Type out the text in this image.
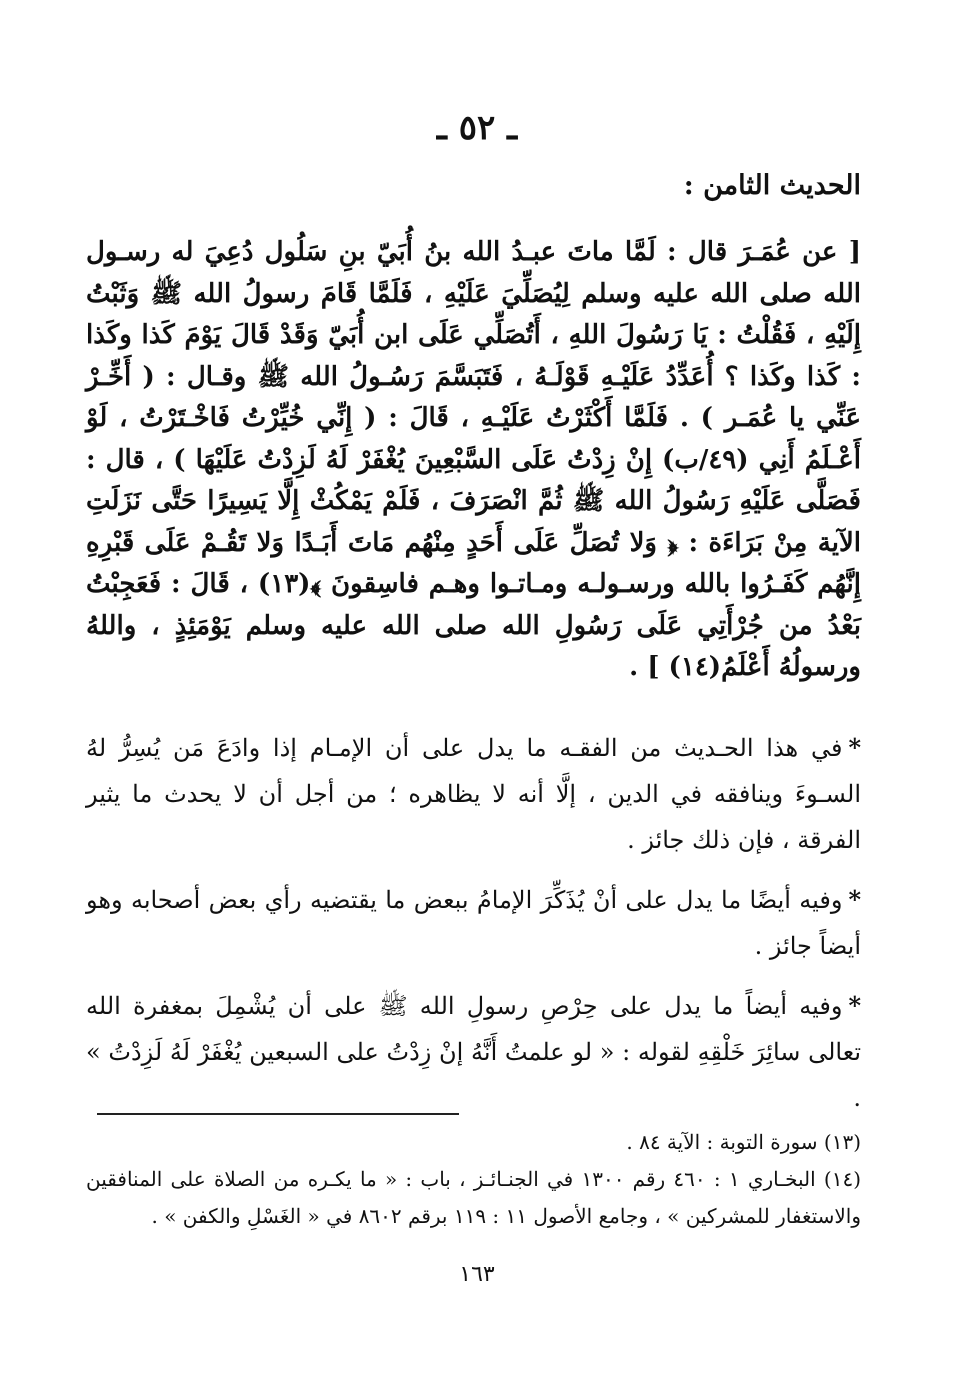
ـ ٥٢ ـ
الحديث الثامن :
[ عن عُمَـرَ قال : لَمَّا ماتَ عبـدُ الله بنُ أُبَيّ بنِ سَلُول دُعِيَ له رسـول الله صلى الله عليه وسلم لِيُصَلِّيَ عَلَيْهِ ، فَلَمَّا قَامَ رسولُ الله ﷺ وَثَبْتُ إِلَيْهِ ، فَقُلْتُ : يَا رَسُولَ اللهِ ، أَتُصَلِّي عَلَى ابن أُبَيّ وَقَدْ قَالَ يَوْمَ كَذا وكَذا : كَذا وكَذا ؟ أُعَدِّدُ عَلَيْـهِ قَوْلَـهُ ، فَتَبَسَّمَ رَسُـولُ الله ﷺ وقـال : ( أَخِّـرْ عَنِّي يا عُمَـر ) . فَلَمَّا أَكْثَرْتُ عَلَيْـهِ ، قَالَ : ( إِنِّي خُيِّرْتُ فَاخْـتَرْتُ ، لَوْ أَعْـلَمُ أَنِي (٤٩/ب) إِنْ زِدْتُ عَلَى السَّبْعِينَ يُغْفَرْ لَهُ لَزِدْتُ عَلَيْهَا ) ، قال : فَصَلَّى عَلَيْهِ رَسُولُ الله ﷺ ثُمَّ انْصَرَفَ ، فَلَمْ يَمْكُثْ إِلَّا يَسِيرًا حَتَّى نَزَلَتِ الآية مِنْ بَرَاءَة : ﴿ وَلا تُصَلِّ عَلَى أَحَدٍ مِنْهُم مَاتَ أَبَـدًا وَلا تَقُـمْ عَلَى قَبْرِهِ إِنَّهُم كَفَـرُوا بالله ورسـولـه ومـاتـوا وهـم فاسِقونَ ﴾(١٣) ، قَالَ : فَعَجِبْتُ بَعْدُ من جُرْأَتِي عَلَى رَسُولِ الله صلى الله عليه وسلم يَوْمَئِذٍ ، واللهُ ورسولُهُ أَعْلَمُ(١٤) ] .

*في هذا الحـديث من الفقـه ما يدل على أن الإمـام إذا وادَعَ مَن يُسِرُّ لهُ السـوءَ وينافقه في الدين ، إلَّا أنه لا يظاهره ؛ من أجل أن لا يحدث ما يثير الفرقة ، فإن ذلك جائز .

*وفيه أيضًا ما يدل على أنْ يُذَكِّرَ الإمامُ ببعض ما يقتضيه رأي بعض أصحابه وهو أيضاً جائز .

*وفيه أيضاً ما يدل على حِرْصِ رسولِ الله ﷺ على أن يُشْمِلَ بمغفرة الله تعالى سائِرَ خَلْقِهِ لقوله : « لو علمتُ أَنَّهُ إنْ زِدْتُ على السبعين يُغْفَرْ لَهُ لَزِدْتُ » .

(١٣) سورة التوبة : الآية ٨٤ .

(١٤) البخـاري ١ : ٤٦٠ رقم ١٣٠٠ في الجنـائـز ، باب : « ما يكـره من الصلاة على المنافقين والاستغفار للمشركين » ، وجامع الأصول ١١ : ١١٩ برقم ٨٦٠٢ في « الغَسْلِ والكفن » .

١٦٣
